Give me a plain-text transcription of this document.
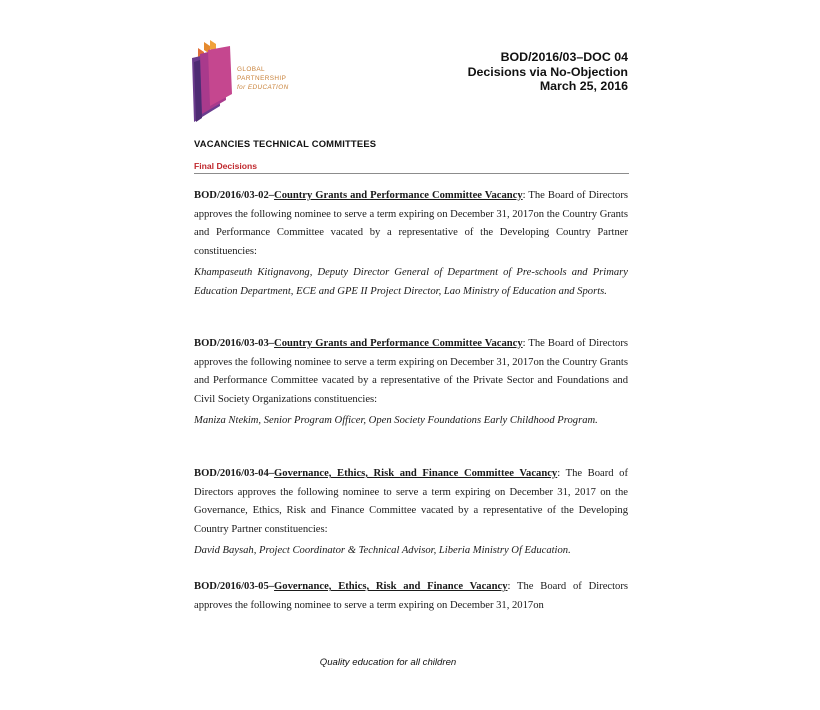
GLOBAL
PARTNERSHIP
for EDUCATION
BOD/2016/03–DOC 04
Decisions via No-Objection
March 25, 2016
VACANCIES TECHNICAL COMMITTEES
Final Decisions

BOD/2016/03-02–Country Grants and Performance Committee Vacancy: The Board of Directors approves the following nominee to serve a term expiring on December 31, 2017on the Country Grants and Performance Committee vacated by a representative of the Developing Country Partner constituencies:

Khampaseuth Kitignavong, Deputy Director General of Department of Pre-schools and Primary Education Department, ECE and GPE II Project Director, Lao Ministry of Education and Sports.

BOD/2016/03-03–Country Grants and Performance Committee Vacancy: The Board of Directors approves the following nominee to serve a term expiring on December 31, 2017on the Country Grants and Performance Committee vacated by a representative of the Private Sector and Foundations and Civil Society Organizations constituencies:

Maniza Ntekim, Senior Program Officer, Open Society Foundations Early Childhood Program.

BOD/2016/03-04–Governance, Ethics, Risk and Finance Committee Vacancy: The Board of Directors approves the following nominee to serve a term expiring on December 31, 2017 on the Governance, Ethics, Risk and Finance Committee vacated by a representative of the Developing Country Partner constituencies:

David Baysah, Project Coordinator & Technical Advisor, Liberia Ministry Of Education.

BOD/2016/03-05–Governance, Ethics, Risk and Finance Vacancy: The Board of Directors approves the following nominee to serve a term expiring on December 31, 2017on

Quality education for all children
